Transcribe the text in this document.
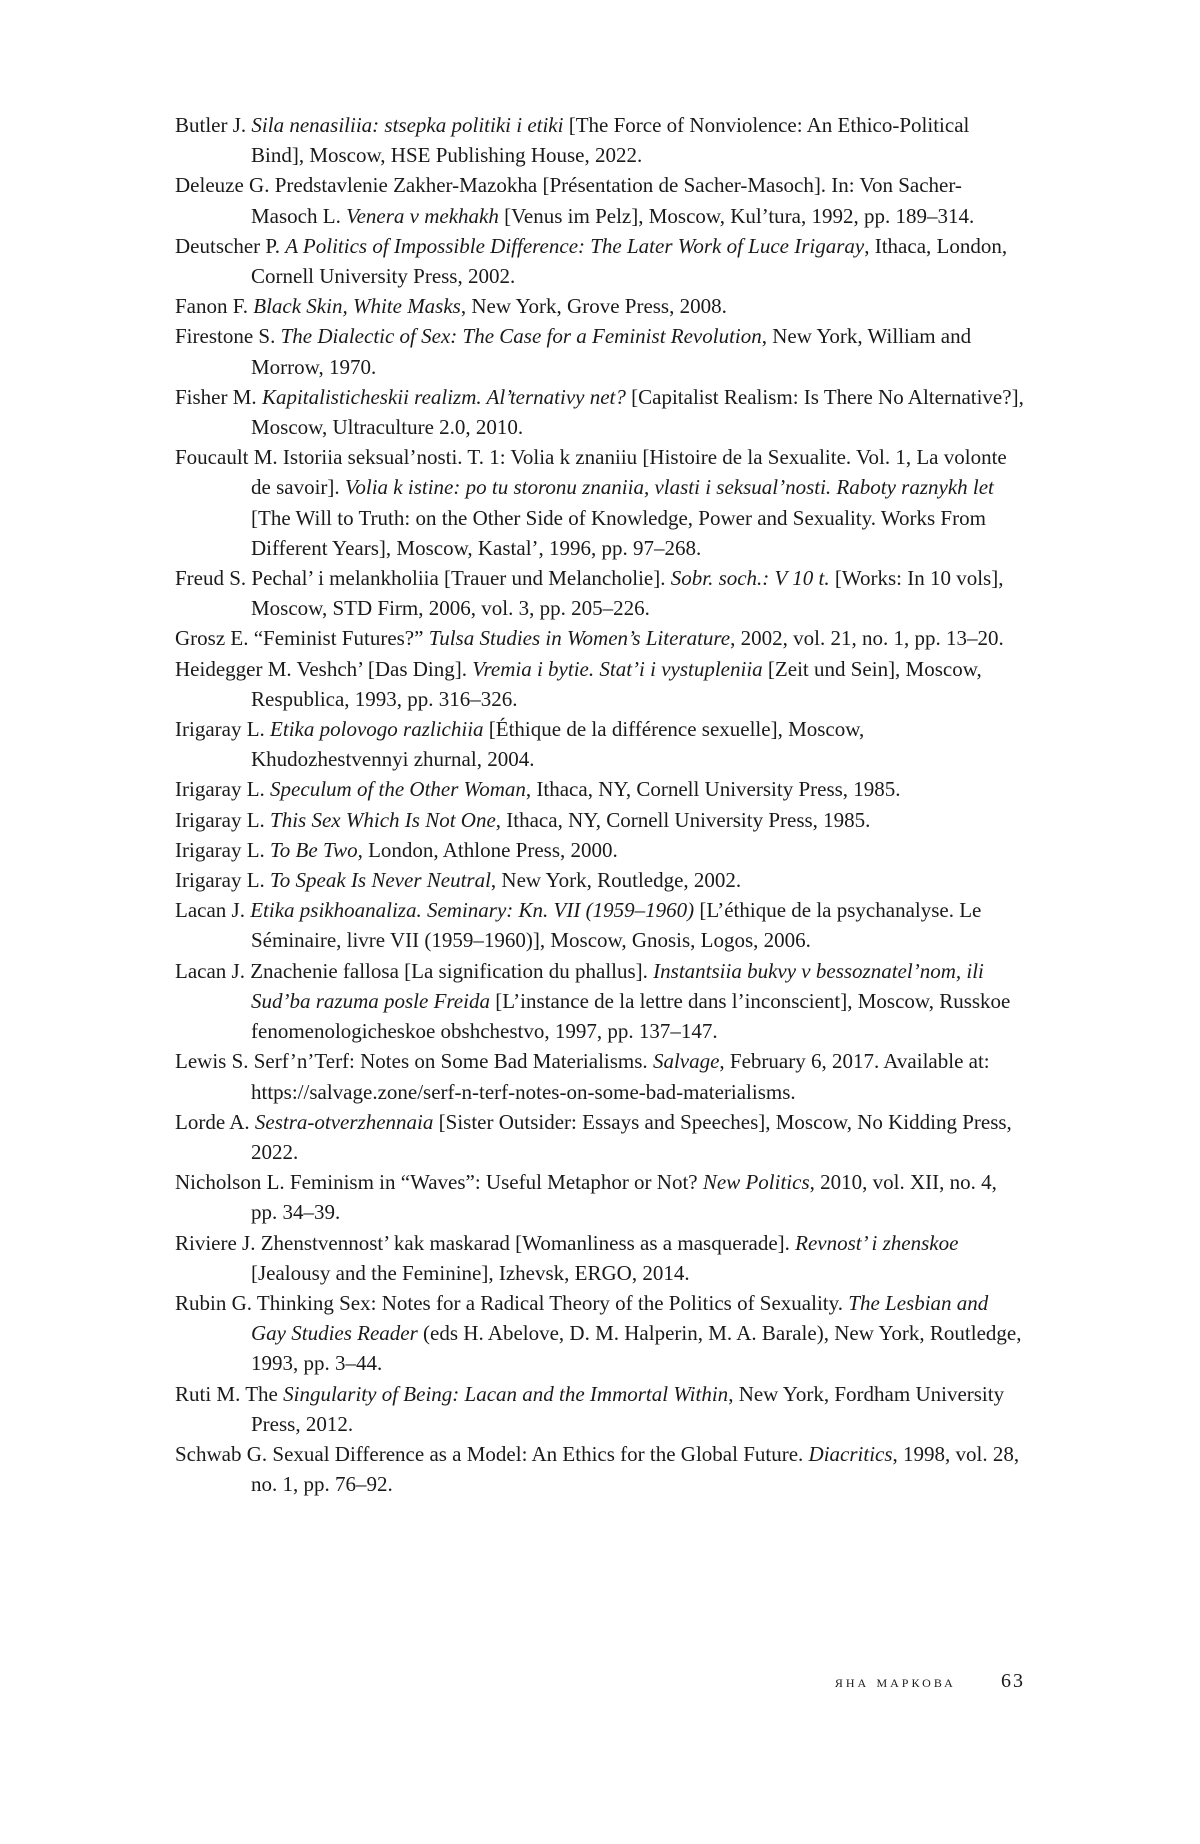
Butler J. Sila nenasiliia: stsepka politiki i etiki [The Force of Nonviolence: An Ethico-Political Bind], Moscow, HSE Publishing House, 2022.

Deleuze G. Predstavlenie Zakher-Mazokha [Présentation de Sacher-Masoch]. In: Von Sacher-Masoch L. Venera v mekhakh [Venus im Pelz], Moscow, Kul’tura, 1992, pp. 189–314.

Deutscher P. A Politics of Impossible Difference: The Later Work of Luce Irigaray, Ithaca, London, Cornell University Press, 2002.

Fanon F. Black Skin, White Masks, New York, Grove Press, 2008.

Firestone S. The Dialectic of Sex: The Case for a Feminist Revolution, New York, William and Morrow, 1970.

Fisher M. Kapitalisticheskii realizm. Al’ternativy net? [Capitalist Realism: Is There No Alternative?], Moscow, Ultraculture 2.0, 2010.

Foucault M. Istoriia seksual’nosti. T. 1: Volia k znaniiu [Histoire de la Sexualite. Vol. 1, La volonte de savoir]. Volia k istine: po tu storonu znaniia, vlasti i seksual’nosti. Raboty raznykh let [The Will to Truth: on the Other Side of Knowledge, Power and Sexuality. Works From Different Years], Moscow, Kastal’, 1996, pp. 97–268.

Freud S. Pechal’ i melankholiia [Trauer und Melancholie]. Sobr. soch.: V 10 t. [Works: In 10 vols], Moscow, STD Firm, 2006, vol. 3, pp. 205–226.

Grosz E. “Feminist Futures?” Tulsa Studies in Women’s Literature, 2002, vol. 21, no. 1, pp. 13–20.

Heidegger M. Veshch’ [Das Ding]. Vremia i bytie. Stat’i i vystupleniia [Zeit und Sein], Moscow, Respublica, 1993, pp. 316–326.

Irigaray L. Etika polovogo razlichiia [Éthique de la différence sexuelle], Moscow, Khudozhestvennyi zhurnal, 2004.

Irigaray L. Speculum of the Other Woman, Ithaca, NY, Cornell University Press, 1985.

Irigaray L. This Sex Which Is Not One, Ithaca, NY, Cornell University Press, 1985.

Irigaray L. To Be Two, London, Athlone Press, 2000.

Irigaray L. To Speak Is Never Neutral, New York, Routledge, 2002.

Lacan J. Etika psikhoanaliza. Seminary: Kn. VII (1959–1960) [L’éthique de la psychanalyse. Le Séminaire, livre VII (1959–1960)], Moscow, Gnosis, Logos, 2006.

Lacan J. Znachenie fallosa [La signification du phallus]. Instantsiia bukvy v bessoznatel’nom, ili Sud’ba razuma posle Freida [L’instance de la lettre dans l’inconscient], Moscow, Russkoe fenomenologicheskoe obshchestvo, 1997, pp. 137–147.

Lewis S. Serf’n’Terf: Notes on Some Bad Materialisms. Salvage, February 6, 2017. Available at: https://salvage.zone/serf-n-terf-notes-on-some-bad-materialisms.

Lorde A. Sestra-otverzhennaia [Sister Outsider: Essays and Speeches], Moscow, No Kidding Press, 2022.

Nicholson L. Feminism in “Waves”: Useful Metaphor or Not? New Politics, 2010, vol. XII, no. 4, pp. 34–39.

Riviere J. Zhenstvennost’ kak maskarad [Womanliness as a masquerade]. Revnost’ i zhenskoe [Jealousy and the Feminine], Izhevsk, ERGO, 2014.

Rubin G. Thinking Sex: Notes for a Radical Theory of the Politics of Sexuality. The Lesbian and Gay Studies Reader (eds H. Abelove, D. M. Halperin, M. A. Barale), New York, Routledge, 1993, pp. 3–44.

Ruti M. The Singularity of Being: Lacan and the Immortal Within, New York, Fordham University Press, 2012.

Schwab G. Sexual Difference as a Model: An Ethics for the Global Future. Diacritics, 1998, vol. 28, no. 1, pp. 76–92.

яна маркова 63
